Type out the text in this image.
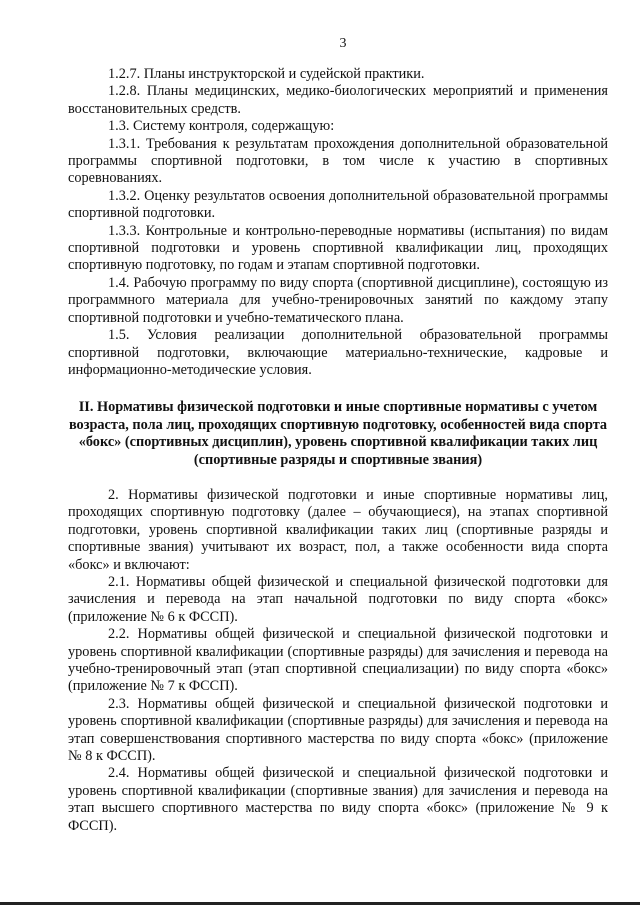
3

1.2.7. Планы инструкторской и судейской практики.

1.2.8. Планы медицинских, медико-биологических мероприятий и применения восстановительных средств.

1.3. Систему контроля, содержащую:

1.3.1. Требования к результатам прохождения дополнительной образовательной программы спортивной подготовки, в том числе к участию в спортивных соревнованиях.

1.3.2. Оценку результатов освоения дополнительной образовательной программы спортивной подготовки.

1.3.3. Контрольные и контрольно-переводные нормативы (испытания) по видам спортивной подготовки и уровень спортивной квалификации лиц, проходящих спортивную подготовку, по годам и этапам спортивной подготовки.

1.4. Рабочую программу по виду спорта (спортивной дисциплине), состоящую из программного материала для учебно-тренировочных занятий по каждому этапу спортивной подготовки и учебно-тематического плана.

1.5. Условия реализации дополнительной образовательной программы спортивной подготовки, включающие материально-технические, кадровые и информационно-методические условия.

II. Нормативы физической подготовки и иные спортивные нормативы с учетом возраста, пола лиц, проходящих спортивную подготовку, особенностей вида спорта «бокс» (спортивных дисциплин), уровень спортивной квалификации таких лиц (спортивные разряды и спортивные звания)

2. Нормативы физической подготовки и иные спортивные нормативы лиц, проходящих спортивную подготовку (далее – обучающиеся), на этапах спортивной подготовки, уровень спортивной квалификации таких лиц (спортивные разряды и спортивные звания) учитывают их возраст, пол, а также особенности вида спорта «бокс» и включают:

2.1. Нормативы общей физической и специальной физической подготовки для зачисления и перевода на этап начальной подготовки по виду спорта «бокс» (приложение № 6 к ФССП).

2.2. Нормативы общей физической и специальной физической подготовки и уровень спортивной квалификации (спортивные разряды) для зачисления и перевода на учебно-тренировочный этап (этап спортивной специализации) по виду спорта «бокс» (приложение № 7 к ФССП).

2.3. Нормативы общей физической и специальной физической подготовки и уровень спортивной квалификации (спортивные разряды) для зачисления и перевода на этап совершенствования спортивного мастерства по виду спорта «бокс» (приложение № 8 к ФССП).

2.4. Нормативы общей физической и специальной физической подготовки и уровень спортивной квалификации (спортивные звания) для зачисления и перевода на этап высшего спортивного мастерства по виду спорта «бокс» (приложение № 9 к ФССП).
